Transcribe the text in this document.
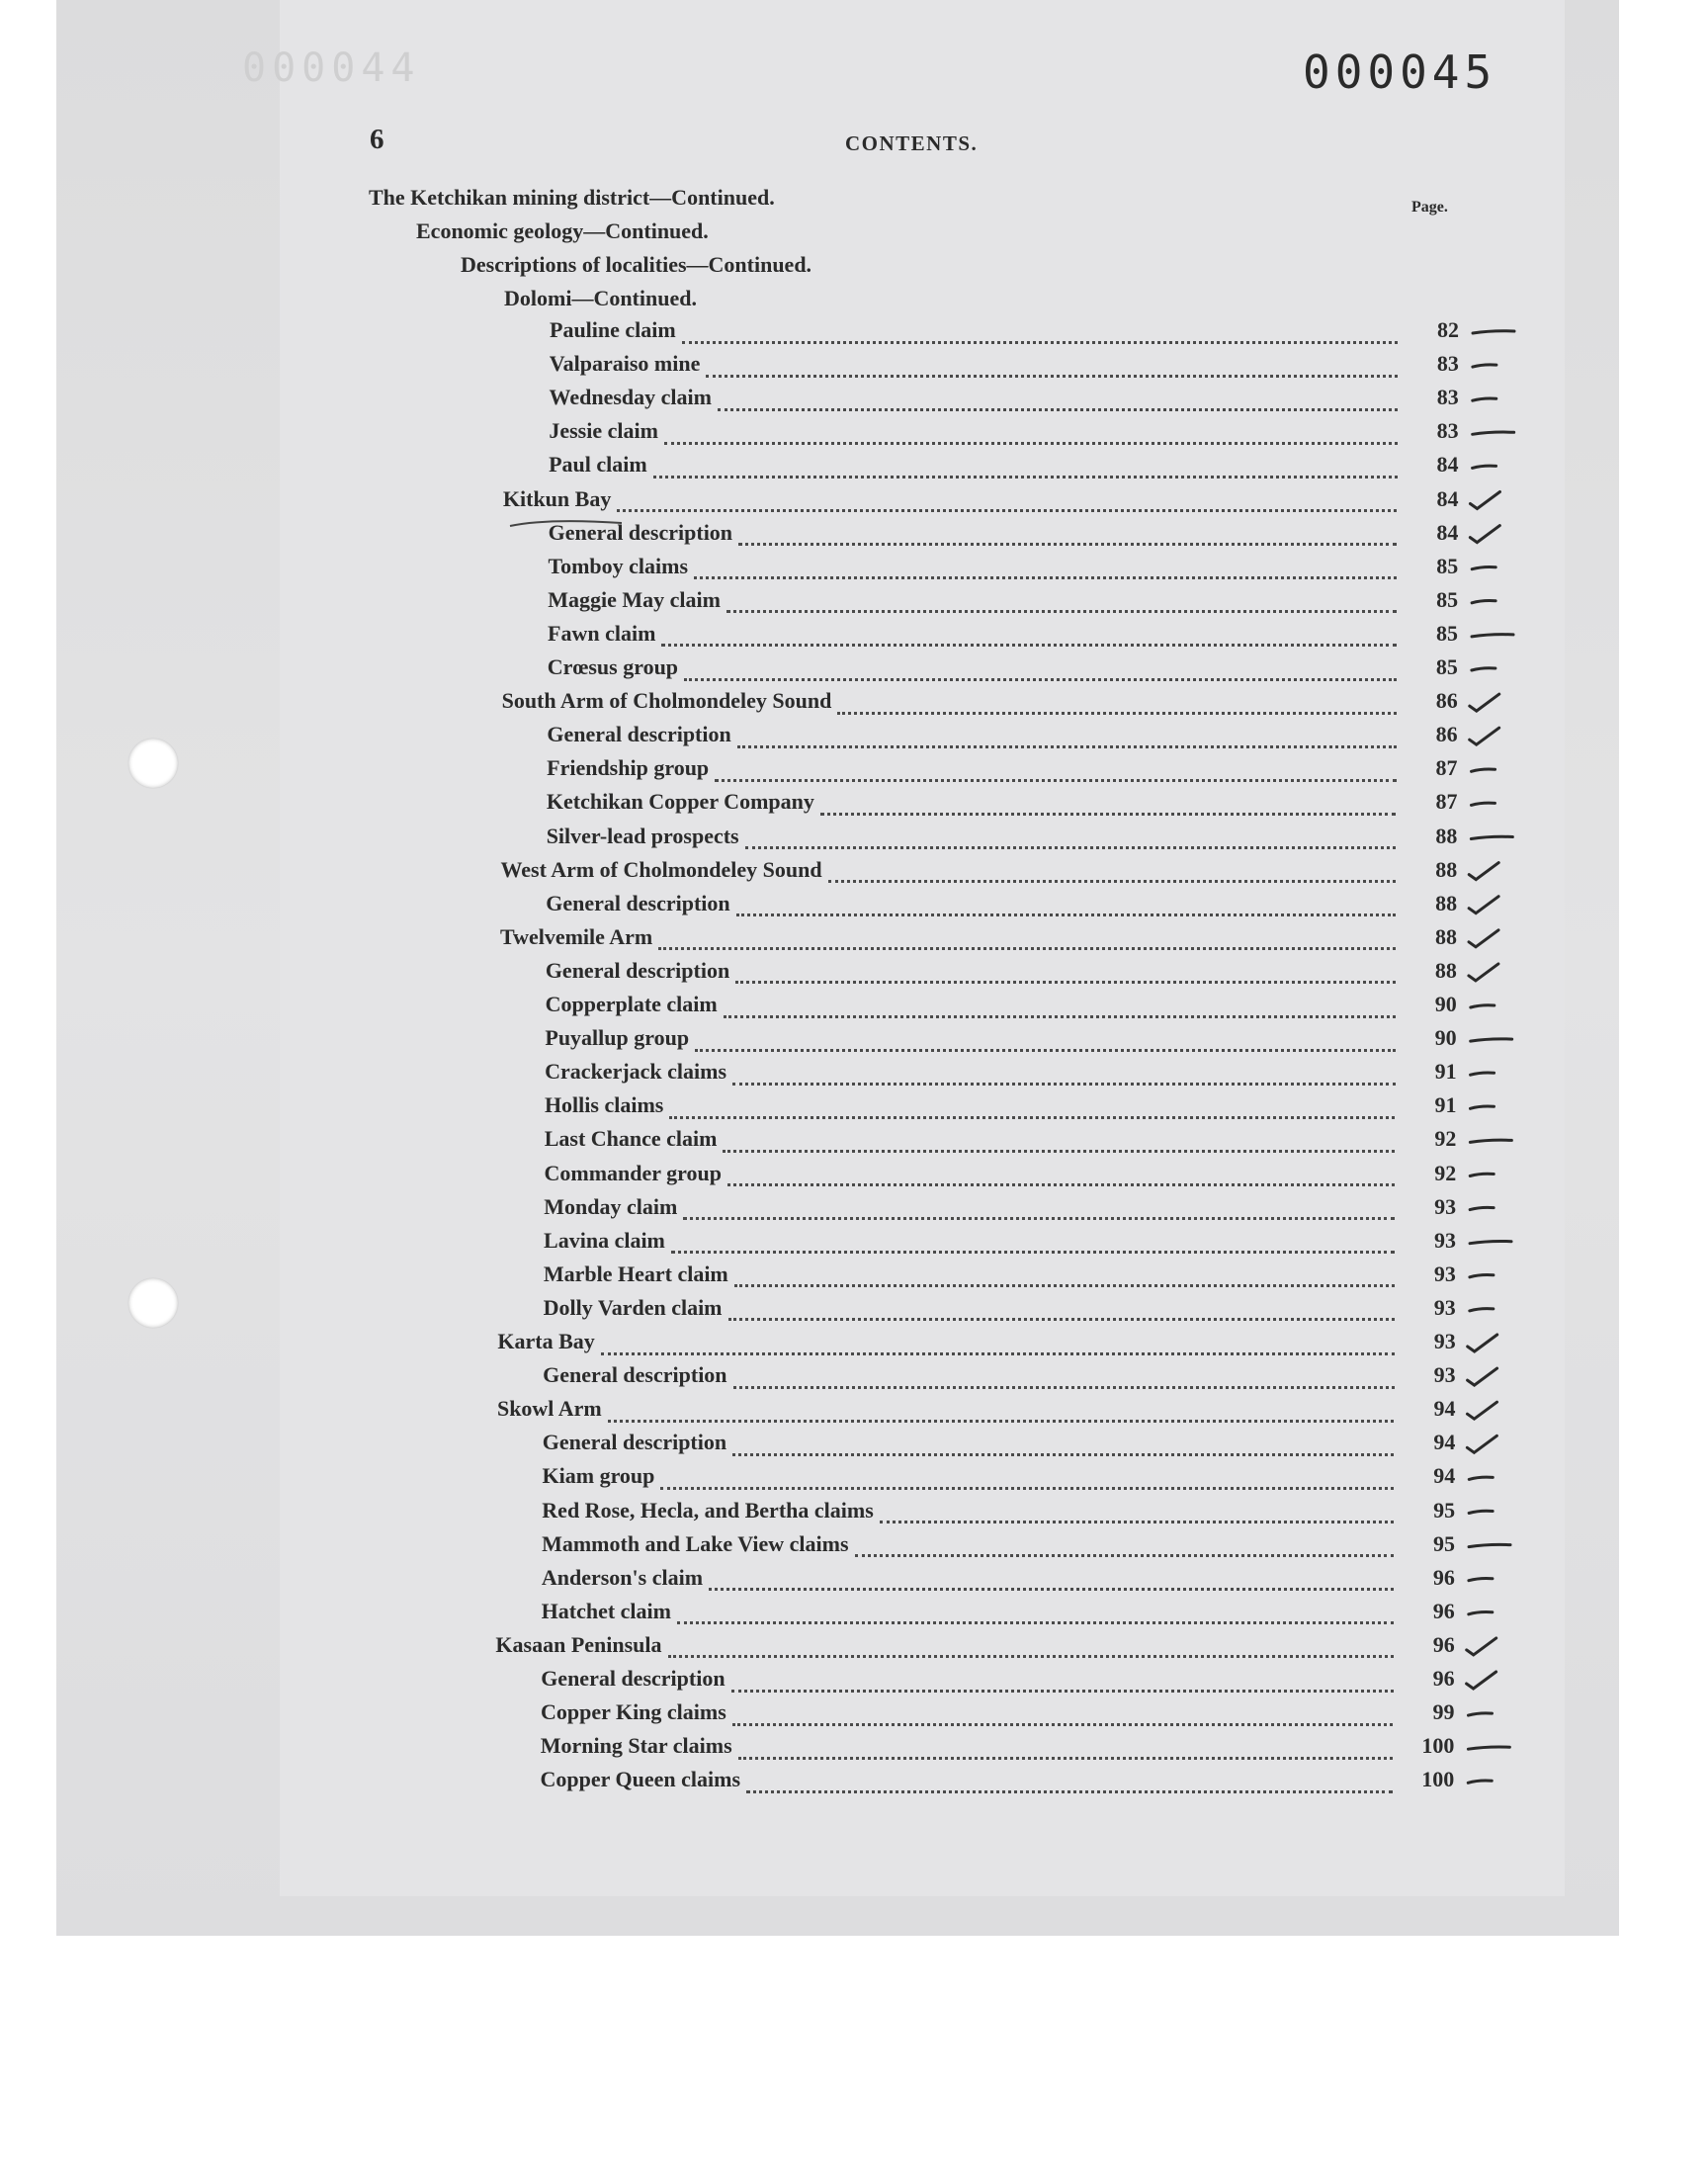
000044	000045
6	CONTENTS.
Page.
The Ketchikan mining district—Continued.
Economic geology—Continued.
Descriptions of localities—Continued.
Dolomi—Continued.
Pauline claim	82
Valparaiso mine	83
Wednesday claim	83
Jessie claim	83
Paul claim	84
Kitkun Bay	84
General description	84
Tomboy claims	85
Maggie May claim	85
Fawn claim	85
Crœsus group	85
South Arm of Cholmondeley Sound	86
General description	86
Friendship group	87
Ketchikan Copper Company	87
Silver-lead prospects	88
West Arm of Cholmondeley Sound	88
General description	88
Twelvemile Arm	88
General description	88
Copperplate claim	90
Puyallup group	90
Crackerjack claims	91
Hollis claims	91
Last Chance claim	92
Commander group	92
Monday claim	93
Lavina claim	93
Marble Heart claim	93
Dolly Varden claim	93
Karta Bay	93
General description	93
Skowl Arm	94
General description	94
Kiam group	94
Red Rose, Hecla, and Bertha claims	95
Mammoth and Lake View claims	95
Anderson's claim	96
Hatchet claim	96
Kasaan Peninsula	96
General description	96
Copper King claims	99
Morning Star claims	100
Copper Queen claims	100
